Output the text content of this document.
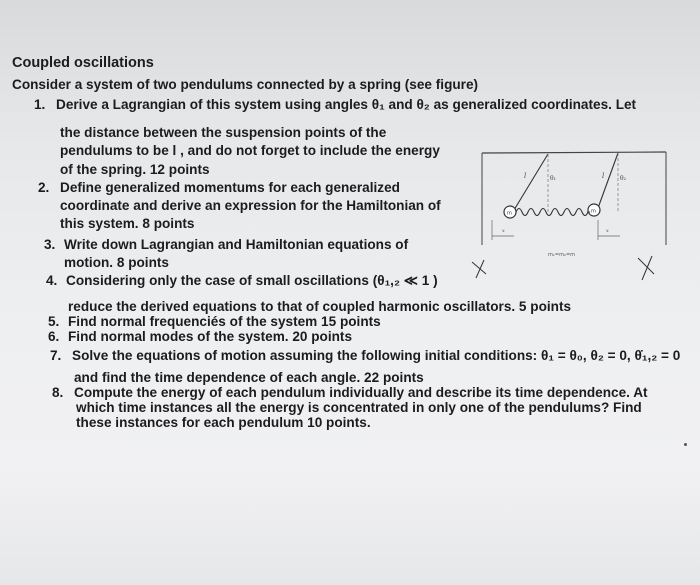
Coupled oscillations
Consider a system of two pendulums connected by a spring (see figure)
1. Derive a Lagrangian of this system using angles θ₁ and θ₂ as generalized coordinates. Let
the distance between the suspension points of the
pendulums to be l , and do not forget to include the energy
of the spring. 12 points
2. Define generalized momentums for each generalized
coordinate and derive an expression for the Hamiltonian of
this system. 8 points
3. Write down Lagrangian and Hamiltonian equations of
motion. 8 points
4. Considering only the case of small oscillations (θ₁,₂ ≪ 1 )
reduce the derived equations to that of coupled harmonic oscillators. 5 points
5. Find normal frequenciés of the system 15 points
6. Find normal modes of the system. 20 points
7. Solve the equations of motion assuming the following initial conditions: θ₁ = θ₀, θ₂ = 0, θ̇₁,₂ = 0
and find the time dependence of each angle. 22 points
8. Compute the energy of each pendulum individually and describe its time dependence. At
which time instances all the energy is concentrated in only one of the pendulums? Find
these instances for each pendulum 10 points.
l	θ₁	l	θ₂
m	m
x	x
m₁=m₂=m
